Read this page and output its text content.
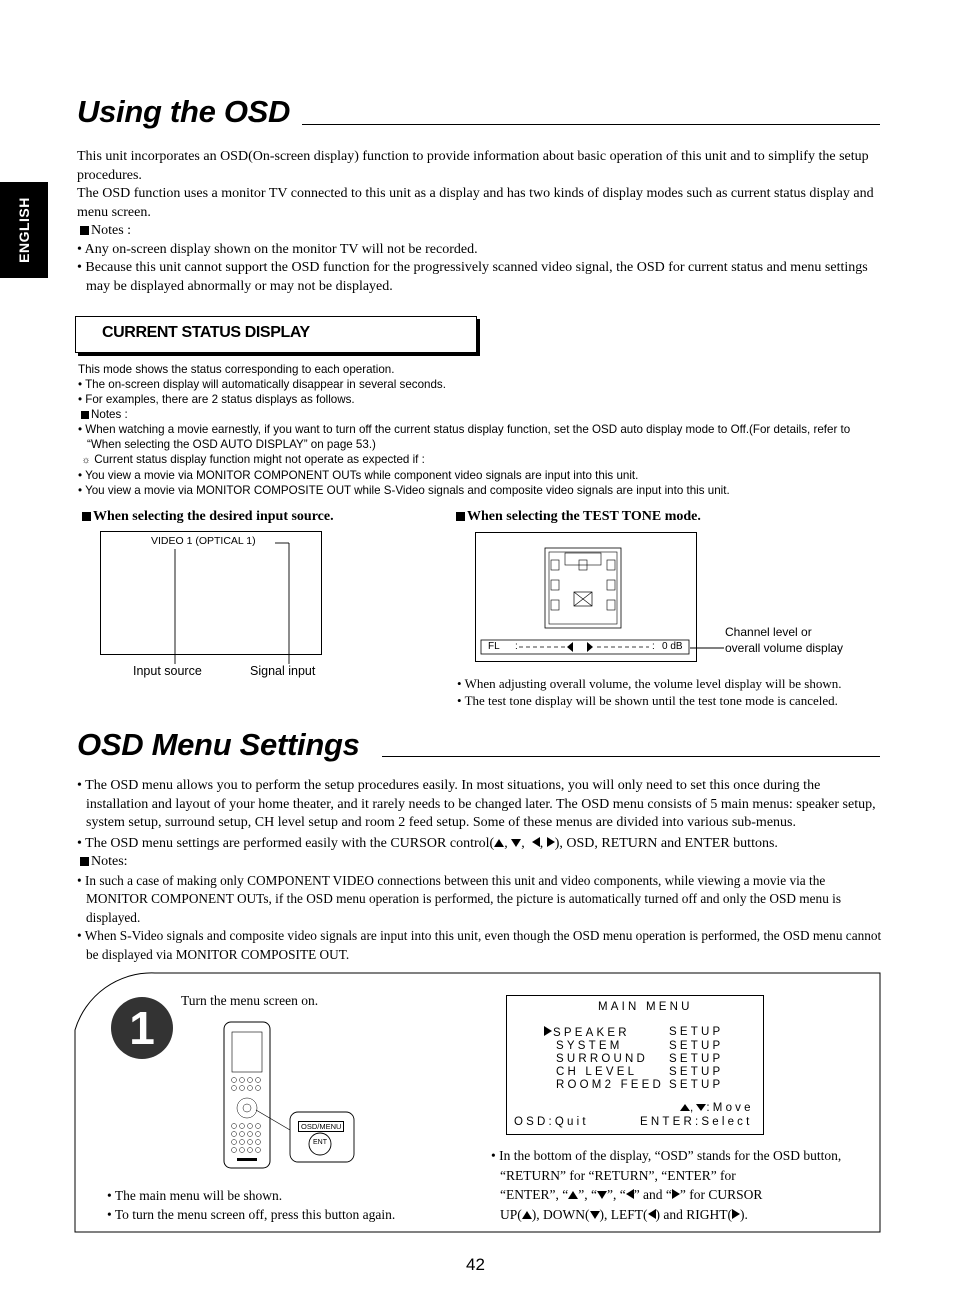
ENGLISH
Using the OSD

This unit incorporates an OSD(On-screen display) function to provide information about basic operation of this unit and to simplify the setup procedures.

The OSD function uses a monitor TV connected to this unit as a display and has two kinds of display modes such as current status display and menu screen.

Notes :

• Any on-screen display shown on the monitor TV will not be recorded.

• Because this unit cannot support the OSD function for the progressively scanned video signal, the OSD for current status and menu settings may be displayed abnormally or may not be displayed.

CURRENT STATUS DISPLAY

This mode shows the status corresponding to each operation.

• The on-screen display will automatically disappear in several seconds.

• For examples, there are 2 status displays as follows.

Notes :

• When watching a movie earnestly, if you want to turn off the current status display function, set the OSD auto display mode to Off.(For details, refer to “When selecting the OSD AUTO DISPLAY” on page 53.)

☼ Current status display function might not operate as expected if :

• You view a movie via MONITOR COMPONENT OUTs while component video signals are input into this unit.

• You view a movie via MONITOR COMPOSITE OUT while S-Video signals and composite video signals are input into this unit.

When selecting the desired input source.
VIDEO 1 (OPTICAL 1)
Input source	Signal input
When selecting the TEST TONE mode.
FL :	: 0 dB

Channel level or

overall volume display

• When adjusting overall volume, the volume level display will be shown.

• The test tone display will be shown until the test tone mode is canceled.

OSD Menu Settings

• The OSD menu allows you to perform the setup procedures easily. In most situations, you will only need to set this once during the installation and layout of your home theater, and it rarely needs to be changed later. The OSD menu consists of 5 main menus: speaker setup, system setup, surround setup, CH level setup and room 2 feed setup. Some of these menus are divided into various sub-menus.

• The OSD menu settings are performed easily with the CURSOR control( , ,  , ), OSD, RETURN and ENTER buttons.

Notes:

• In such a case of making only COMPONENT VIDEO connections between this unit and video components, while viewing a movie via the MONITOR COMPONENT OUTs, if the OSD menu operation is performed, the picture is automatically turned off and only the OSD menu is displayed.

• When S-Video signals and composite video signals are input into this unit, even though the OSD menu operation is performed, the OSD menu cannot be displayed via MONITOR COMPOSITE OUT.

1
Turn the menu screen on.
OSD/MENU
ENT

• The main menu will be shown.

• To turn the menu screen off, press this button again.

MAIN MENU
SPEAKER	SETUP
SYSTEM	SETUP
SURROUND SETUP
CH LEVEL	SETUP
ROOM2 FEED SETUP
, :Move
OSD:Quit	ENTER:Select

• In the bottom of the display, “OSD” stands for the OSD button, “RETURN” for “RETURN”, “ENTER” for

“ENTER”, “ ”, “ ”, “ ” and “ ” for CURSOR

UP( ), DOWN( ), LEFT( ) and RIGHT( ).

42
